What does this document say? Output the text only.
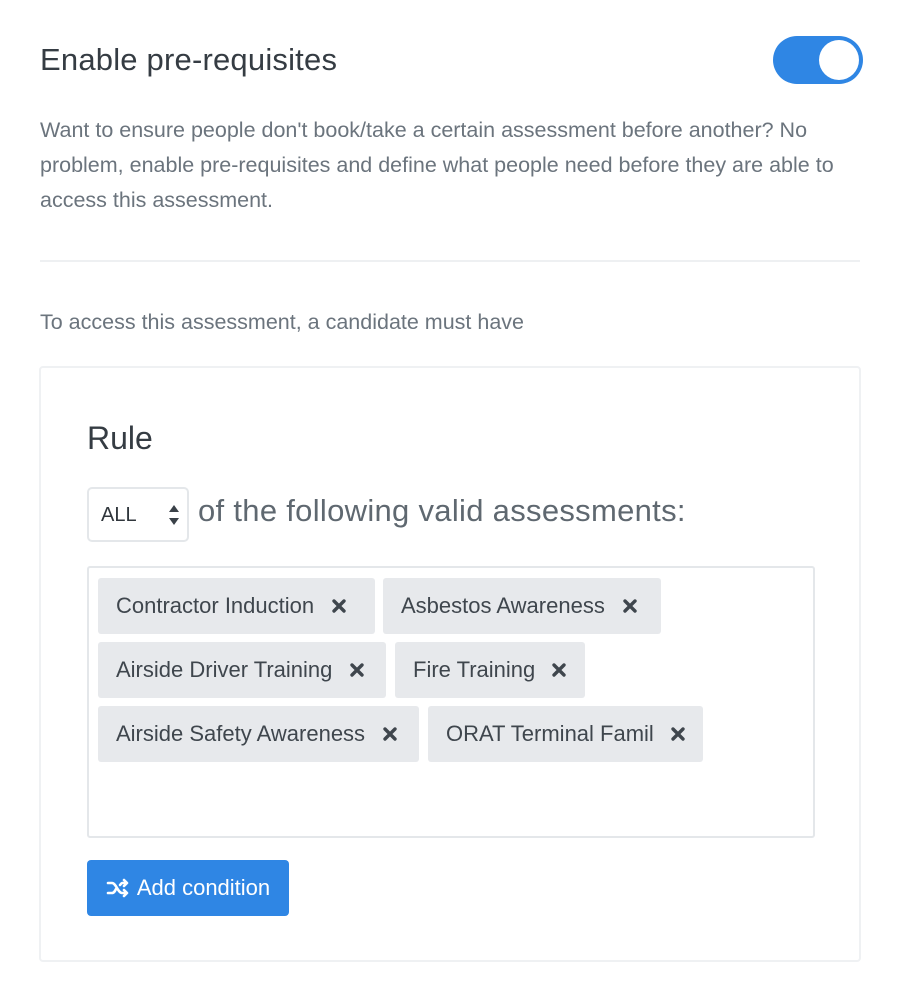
Enable pre-requisites
Want to ensure people don't book/take a certain assessment before another? No problem, enable pre-requisites and define what people need before they are able to access this assessment.
To access this assessment, a candidate must have
Rule
ALL of the following valid assessments:
Contractor Induction	Asbestos Awareness
Airside Driver Training	Fire Training
Airside Safety Awareness	ORAT Terminal Famil
Add condition
